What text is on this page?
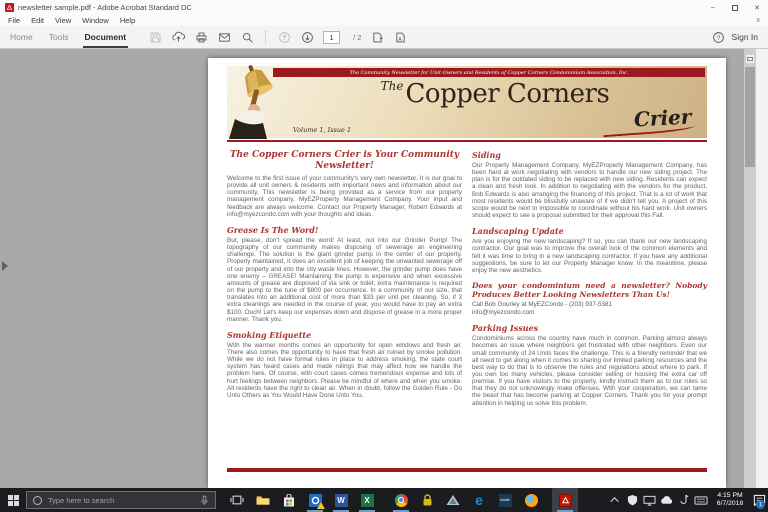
newsletter sample.pdf - Adobe Acrobat Standard DC	–	✕
File Edit View Window Help	x
Home Tools Document	1	/ 2	A	? Sign In
The Community Newsletter for Unit Owners and Residents of Copper Corners Condominium Association, Inc.
$^{The}$Copper Corners
Crier
Volume 1, Issue 1
The Copper Corners Crier is Your Community Newsletter!

Welcome to the first issue of your community's very own newsletter. It is our goal to provide all unit owners & residents with important news and information about our community. This newsletter is being provided as a service from our property management company, MyEZProperty Management Company. Your input and feedback are always welcome. Contact our Property Manager, Robert Edwards at info@myezcondo.com with your thoughts and ideas.

Grease Is The Word!

But, please, don't spread the word! At least, not into our Grinder Pump! The topography of our community makes disposing of sewerage an engineering challenge. The solution is the giant grinder pump in the center of our property. Properly maintained, it does an excellent job of keeping the unwanted sewerage off of our property and into the city waste lines. However, the grinder pump does have one enemy – GREASE! Maintaining the pump is expensive and when excessive amounts of grease are disposed of via sink or toilet, extra maintenance is required on the pump to the tune of $800 per occurrence. In a community of our size, that translates into an additional cost of more than $33 per unit per cleaning. So, if 3 extra cleanings are needed in the course of year, you would have to pay an extra $100. Ouch! Let's keep our expenses down and dispose of grease in a more proper manner. Thank you.

Smoking Etiquette

With the warmer months comes an opportunity for open windows and fresh air. There also comes the opportunity to have that fresh air ruined by smoke pollution. While we do not have formal rules in place to address smoking, the state court system has heard cases and made rulings that may affect how we handle the problem here. Of course, with court cases comes tremendous expense and lots of hurt feelings between neighbors. Please be mindful of where and when you smoke. All residents have the right to clean air. When in doubt, follow the Golden Rule - Do Unto Others as You Would Have Done Unto You.

Siding

Our Property Management Company, MyEZProperty Management Company, has been hard at work negotiating with vendors to handle our new siding project. The plan is for the outdated siding to be replaced with new siding. Residents can expect a clean and fresh look. In addition to negotiating with the vendors for the product, Bob Edwards is also arranging the financing of this project. That is a lot of work that most residents would be blissfully unaware of if we didn't tell you. A project of this scope would be next to impossible to coordinate without his hard work. Unit owners should expect to see a proposal submitted for their approval this Fall.

Landscaping Update

Are you enjoying the new landscaping? If so, you can thank our new landscaping contractor. Our goal was to improve the overall look of the common elements and felt it was time to bring in a new landscaping contractor. If you have any additional suggestions, be sure to let our Property Manager know. In the meantime, please enjoy the new aesthetics.

Does your condominium need a newsletter? Nobody Produces Better Looking Newsletters Than Us!

Call Bob Gourley at MyEZCondo - (203) 937-5381

info@myezcondo.com

Parking Issues

Condominiums across the country have much in common. Parking almost always becomes an issue where neighbors get frustrated with other neighbors. Even our small community of 24 Units faces the challenge. This is a friendly reminder that we all need to get along when it comes to sharing our limited parking resources and the best way to do that is to observe the rules and regulations about where to park. If you own too many vehicles, please consider selling or housing the extra car off premise. If you have visitors to the property, kindly instruct them as to our rules so that they do not unknowingly make offenses. With your cooperation, we can tame the beast that has become parking at Copper Corners. Thank you for your prompt attention in helping us solve this problem.

Type here to search	W	X	e	kindle
4:15 PM
6/7/2018	1
